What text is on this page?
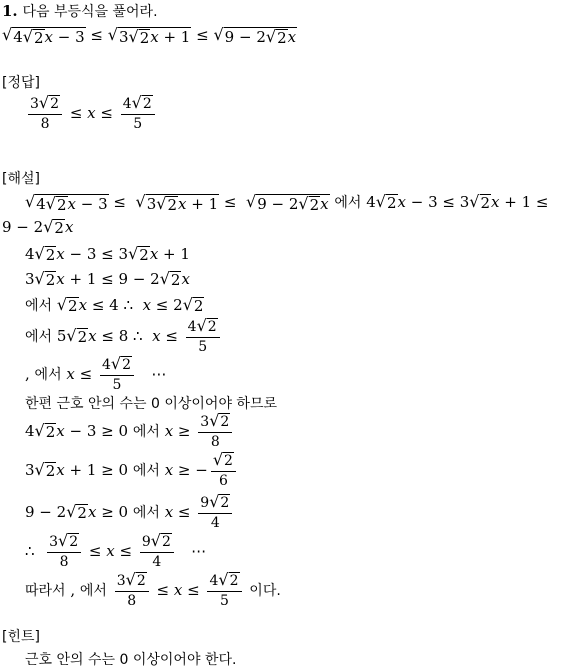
1. 다음 부등식을 풀어라.
√ 4 √ 2 x − 3 ≤ √ 3 √ 2 x + 1 ≤ √ 9 − 2 √ 2 x
[정답]
$\frac{3 √ 2}{8} \le x \le \frac{4 √ 2}{5}$
[해설]
√ 4 √ 2 x − 3 ≤ √ 3 √ 2 x + 1 ≤ √ 9 − 2 √ 2 x 에서 4 √ 2 x − 3 ≤ 3 √ 2 x + 1 ≤
9 − 2 √ 2 x
4 √ 2 x − 3 ≤ 3 √ 2 x + 1
3 √ 2 x + 1 ≤ 9 − 2 √ 2 x
에서 √ 2 x ≤ 4 ∴  x ≤ 2 √ 2
에서 5 √ 2 x ≤ 8 ∴  $x \le \frac{4 √ 2}{5}$
, 에서 $x \le \frac{4 √ 2}{5}$ ⋯
한편 근호 안의 수는 0 이상이어야 하므로
4 √ 2 x − 3 ≥ 0 에서 $x \ge \frac{3 √ 2}{8}$
3 √ 2 x + 1 ≥ 0 에서 x ≥ − $\frac{√ 2}{6}$
9 − 2 √ 2 x ≥ 0 에서 $x \le \frac{9 √ 2}{4}$
∴ $\frac{3 √ 2}{8} \le x \le \frac{9 √ 2}{4}$ ⋯
따라서 , 에서 $\frac{3 √ 2}{8} \le x \le \frac{4 √ 2}{5}$ 이다.
[힌트]
근호 안의 수는 0 이상이어야 한다.
